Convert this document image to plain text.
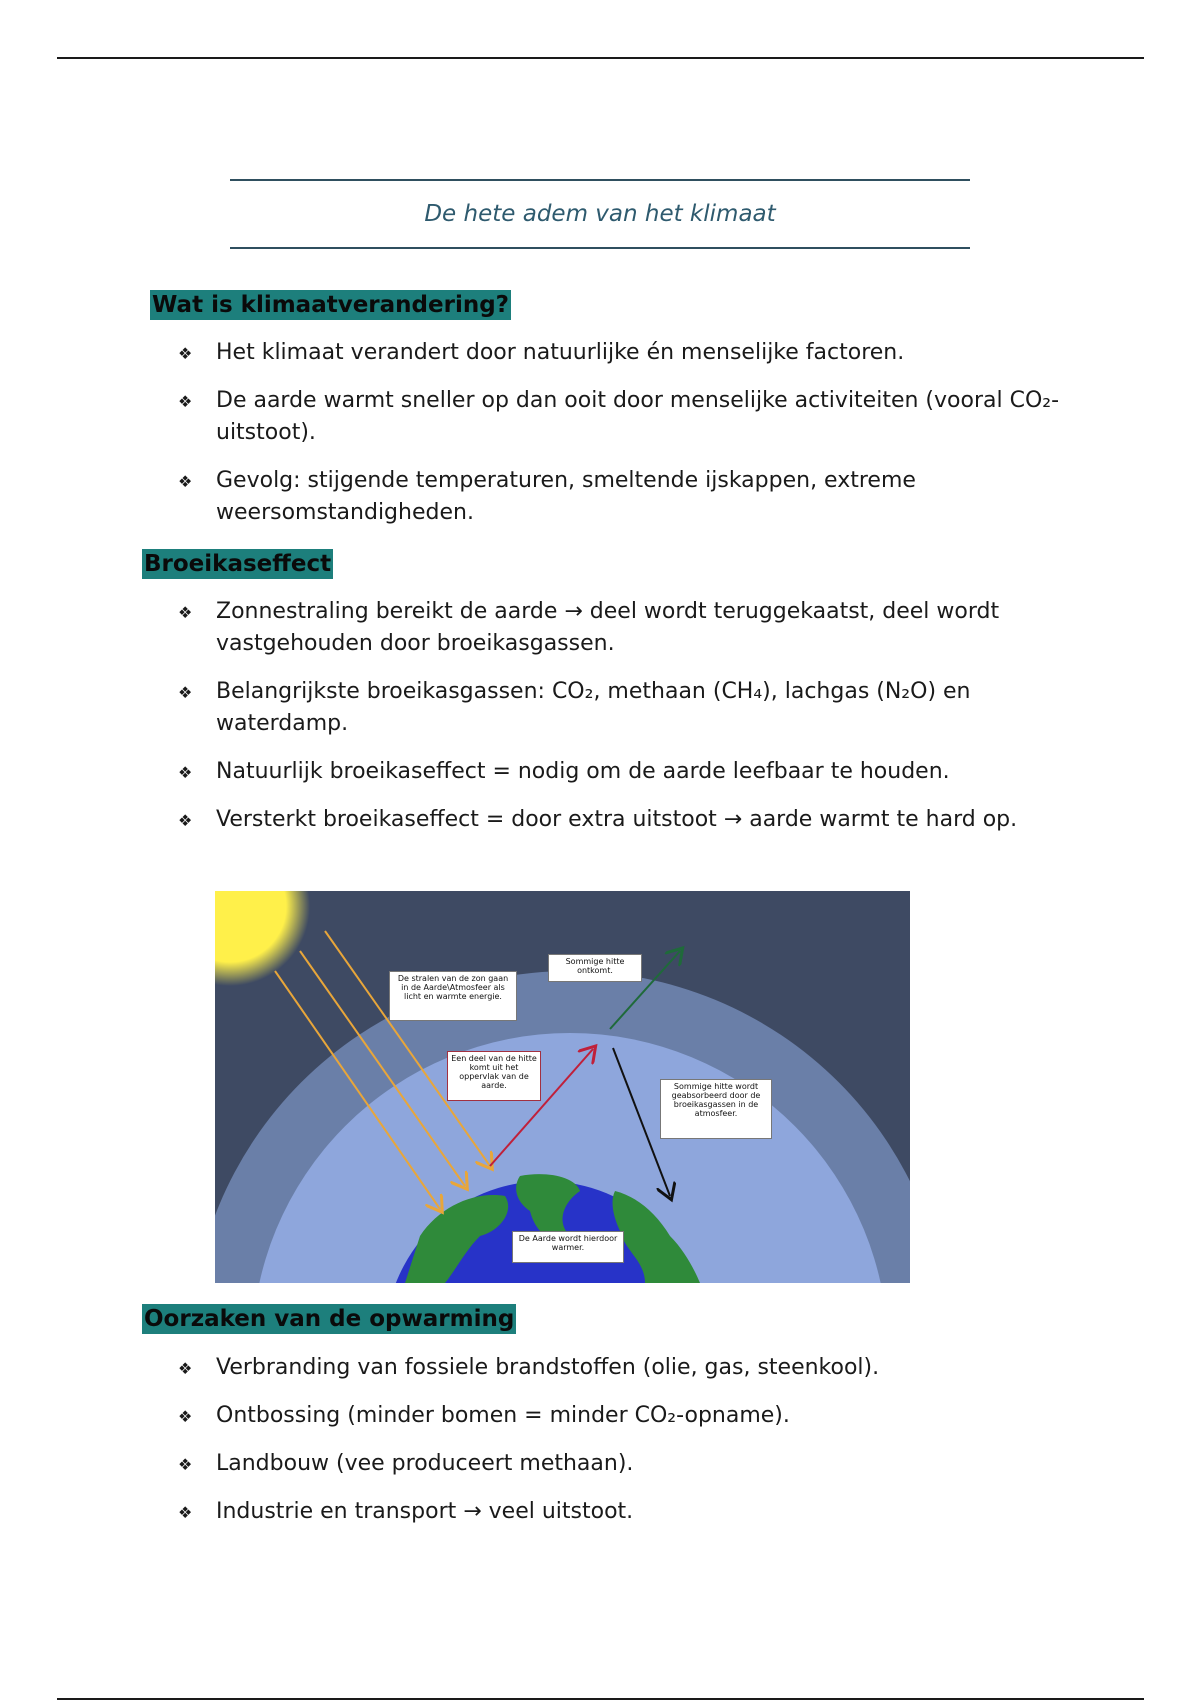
De hete adem van het klimaat
Wat is klimaatverandering?
❖ Het klimaat verandert door natuurlijke én menselijke factoren.
❖ De aarde warmt sneller op dan ooit door menselijke activiteiten (vooral CO₂-uitstoot).
❖ Gevolg: stijgende temperaturen, smeltende ijskappen, extreme weersomstandigheden.
Broeikaseffect
❖ Zonnestraling bereikt de aarde → deel wordt teruggekaatst, deel wordt vastgehouden door broeikasgassen.
❖ Belangrijkste broeikasgassen: CO₂, methaan (CH₄), lachgas (N₂O) en waterdamp.
❖ Natuurlijk broeikaseffect = nodig om de aarde leefbaar te houden.
❖ Versterkt broeikaseffect = door extra uitstoot → aarde warmt te hard op.
De stralen van de zon gaan in de Aarde\Atmosfeer als licht en warmte energie.
Sommige hitte ontkomt.
Een deel van de hitte komt uit het oppervlak van de aarde.	Sommige hitte wordt geabsorbeerd door de broeikasgassen in de atmosfeer.
De Aarde wordt hierdoor warmer.
Oorzaken van de opwarming
❖ Verbranding van fossiele brandstoffen (olie, gas, steenkool).
❖ Ontbossing (minder bomen = minder CO₂-opname).
❖ Landbouw (vee produceert methaan).
❖ Industrie en transport → veel uitstoot.
